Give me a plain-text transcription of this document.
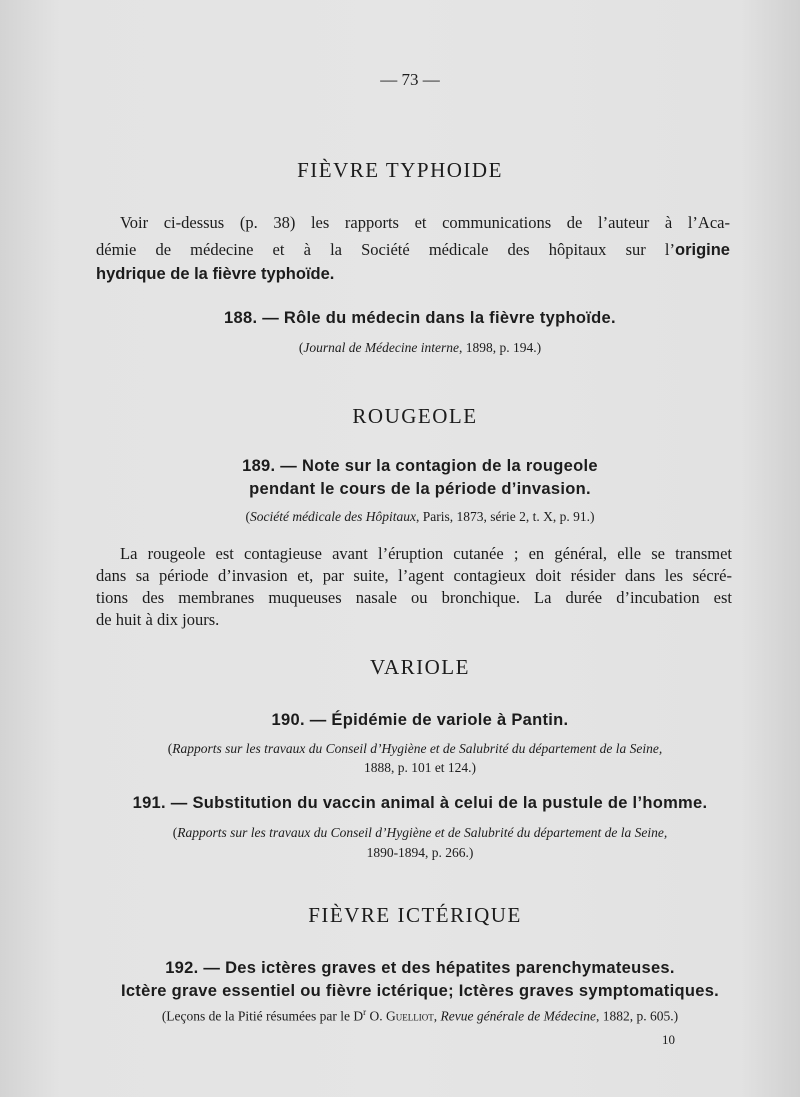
— 73 —
FIÈVRE TYPHOIDE
Voir ci-dessus (p. 38) les rapports et communications de l’auteur à l’Aca-
démie de médecine et à la Société médicale des hôpitaux sur l’origine
hydrique de la fièvre typhoïde.
188. — Rôle du médecin dans la fièvre typhoïde.
(Journal de Médecine interne, 1898, p. 194.)
ROUGEOLE
189. — Note sur la contagion de la rougeole
pendant le cours de la période d’invasion.
(Société médicale des Hôpitaux, Paris, 1873, série 2, t. X, p. 91.)
La rougeole est contagieuse avant l’éruption cutanée ; en général, elle se transmet
dans sa période d’invasion et, par suite, l’agent contagieux doit résider dans les sécré-
tions des membranes muqueuses nasale ou bronchique. La durée d’incubation est
de huit à dix jours.
VARIOLE
190. — Épidémie de variole à Pantin.
(Rapports sur les travaux du Conseil d’Hygiène et de Salubrité du département de la Seine,
1888, p. 101 et 124.)
191. — Substitution du vaccin animal à celui de la pustule de l’homme.
(Rapports sur les travaux du Conseil d’Hygiène et de Salubrité du département de la Seine,
1890-1894, p. 266.)
FIÈVRE ICTÉRIQUE
192. — Des ictères graves et des hépatites parenchymateuses.
Ictère grave essentiel ou fièvre ictérique; Ictères graves symptomatiques.
(Leçons de la Pitié résumées par le $D^r$ O. Guelliot, Revue générale de Médecine, 1882, p. 605.)
10
